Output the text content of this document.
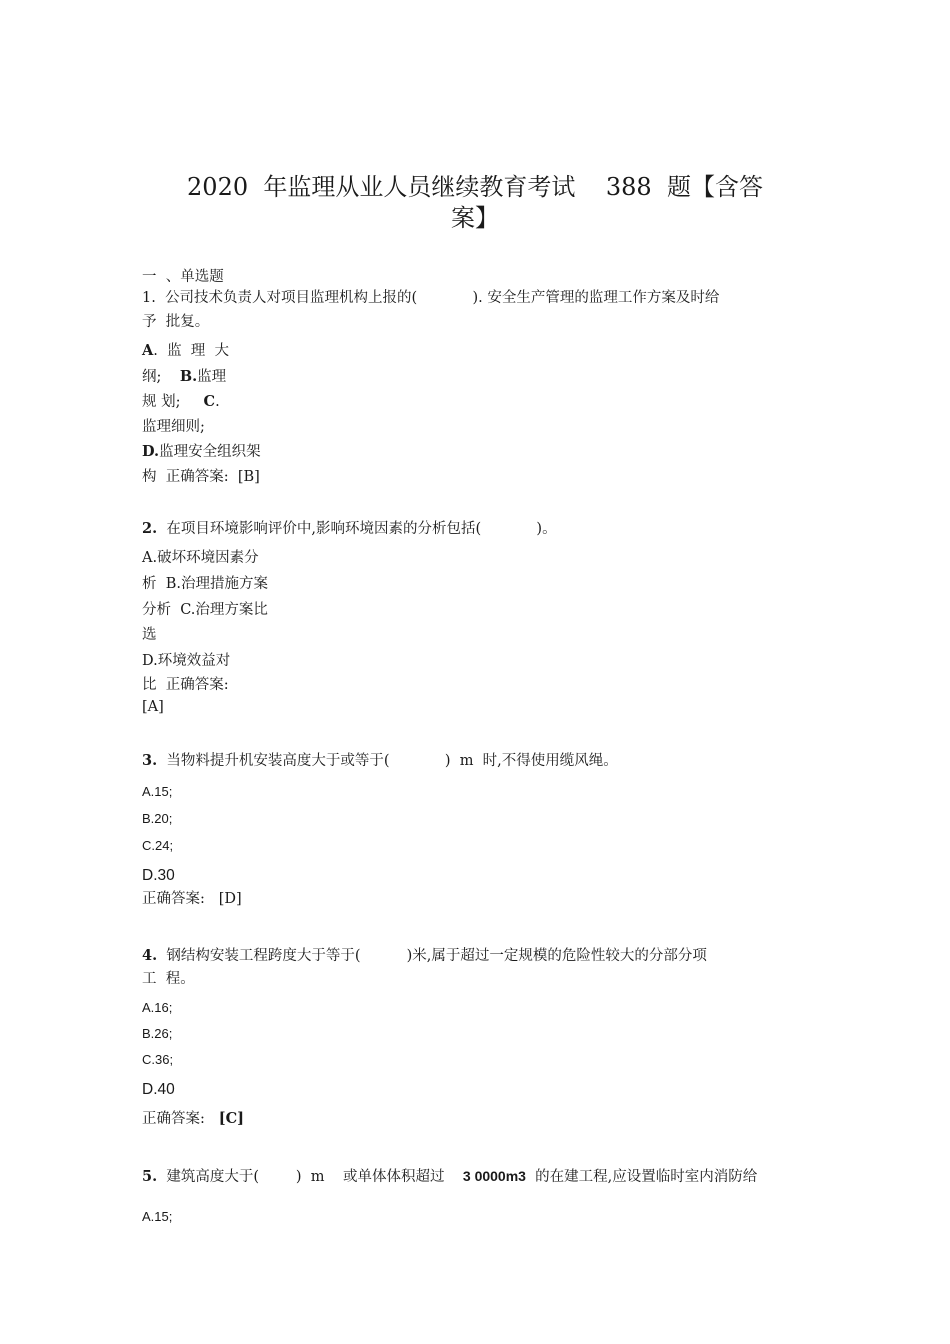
2020  年监理从业人员继续教育考试    388  题【含答
案】
一  、单选题
1. 公司技术负责人对项目监理机构上报的(            ). 安全生产管理的监理工作方案及时给
予  批复。
A.  监  理  大
纲; B.监理
规 划; C.
监理细则;
D.监理安全组织架
构  正确答案:  [B]
2. 在项目环境影响评价中,影响环境因素的分析包括(            )。
A.破坏环境因素分
析  B.治理措施方案
分析  C.治理方案比
选
D.环境效益对
比  正确答案:
[A]
3. 当物料提升机安装高度大于或等于(            )  m  时,不得使用缆风绳。
A.15;
B.20;
C.24;
D.30
正确答案: [D]
4. 钢结构安装工程跨度大于等于(          )米,属于超过一定规模的危险性较大的分部分项
工  程。
A.16;
B.26;
C.36;
D.40
正确答案: [C]
5. 建筑高度大于(        )  m    或单体体积超过 3 0000m3 的在建工程,应设置临时室内消防给
A.15;
